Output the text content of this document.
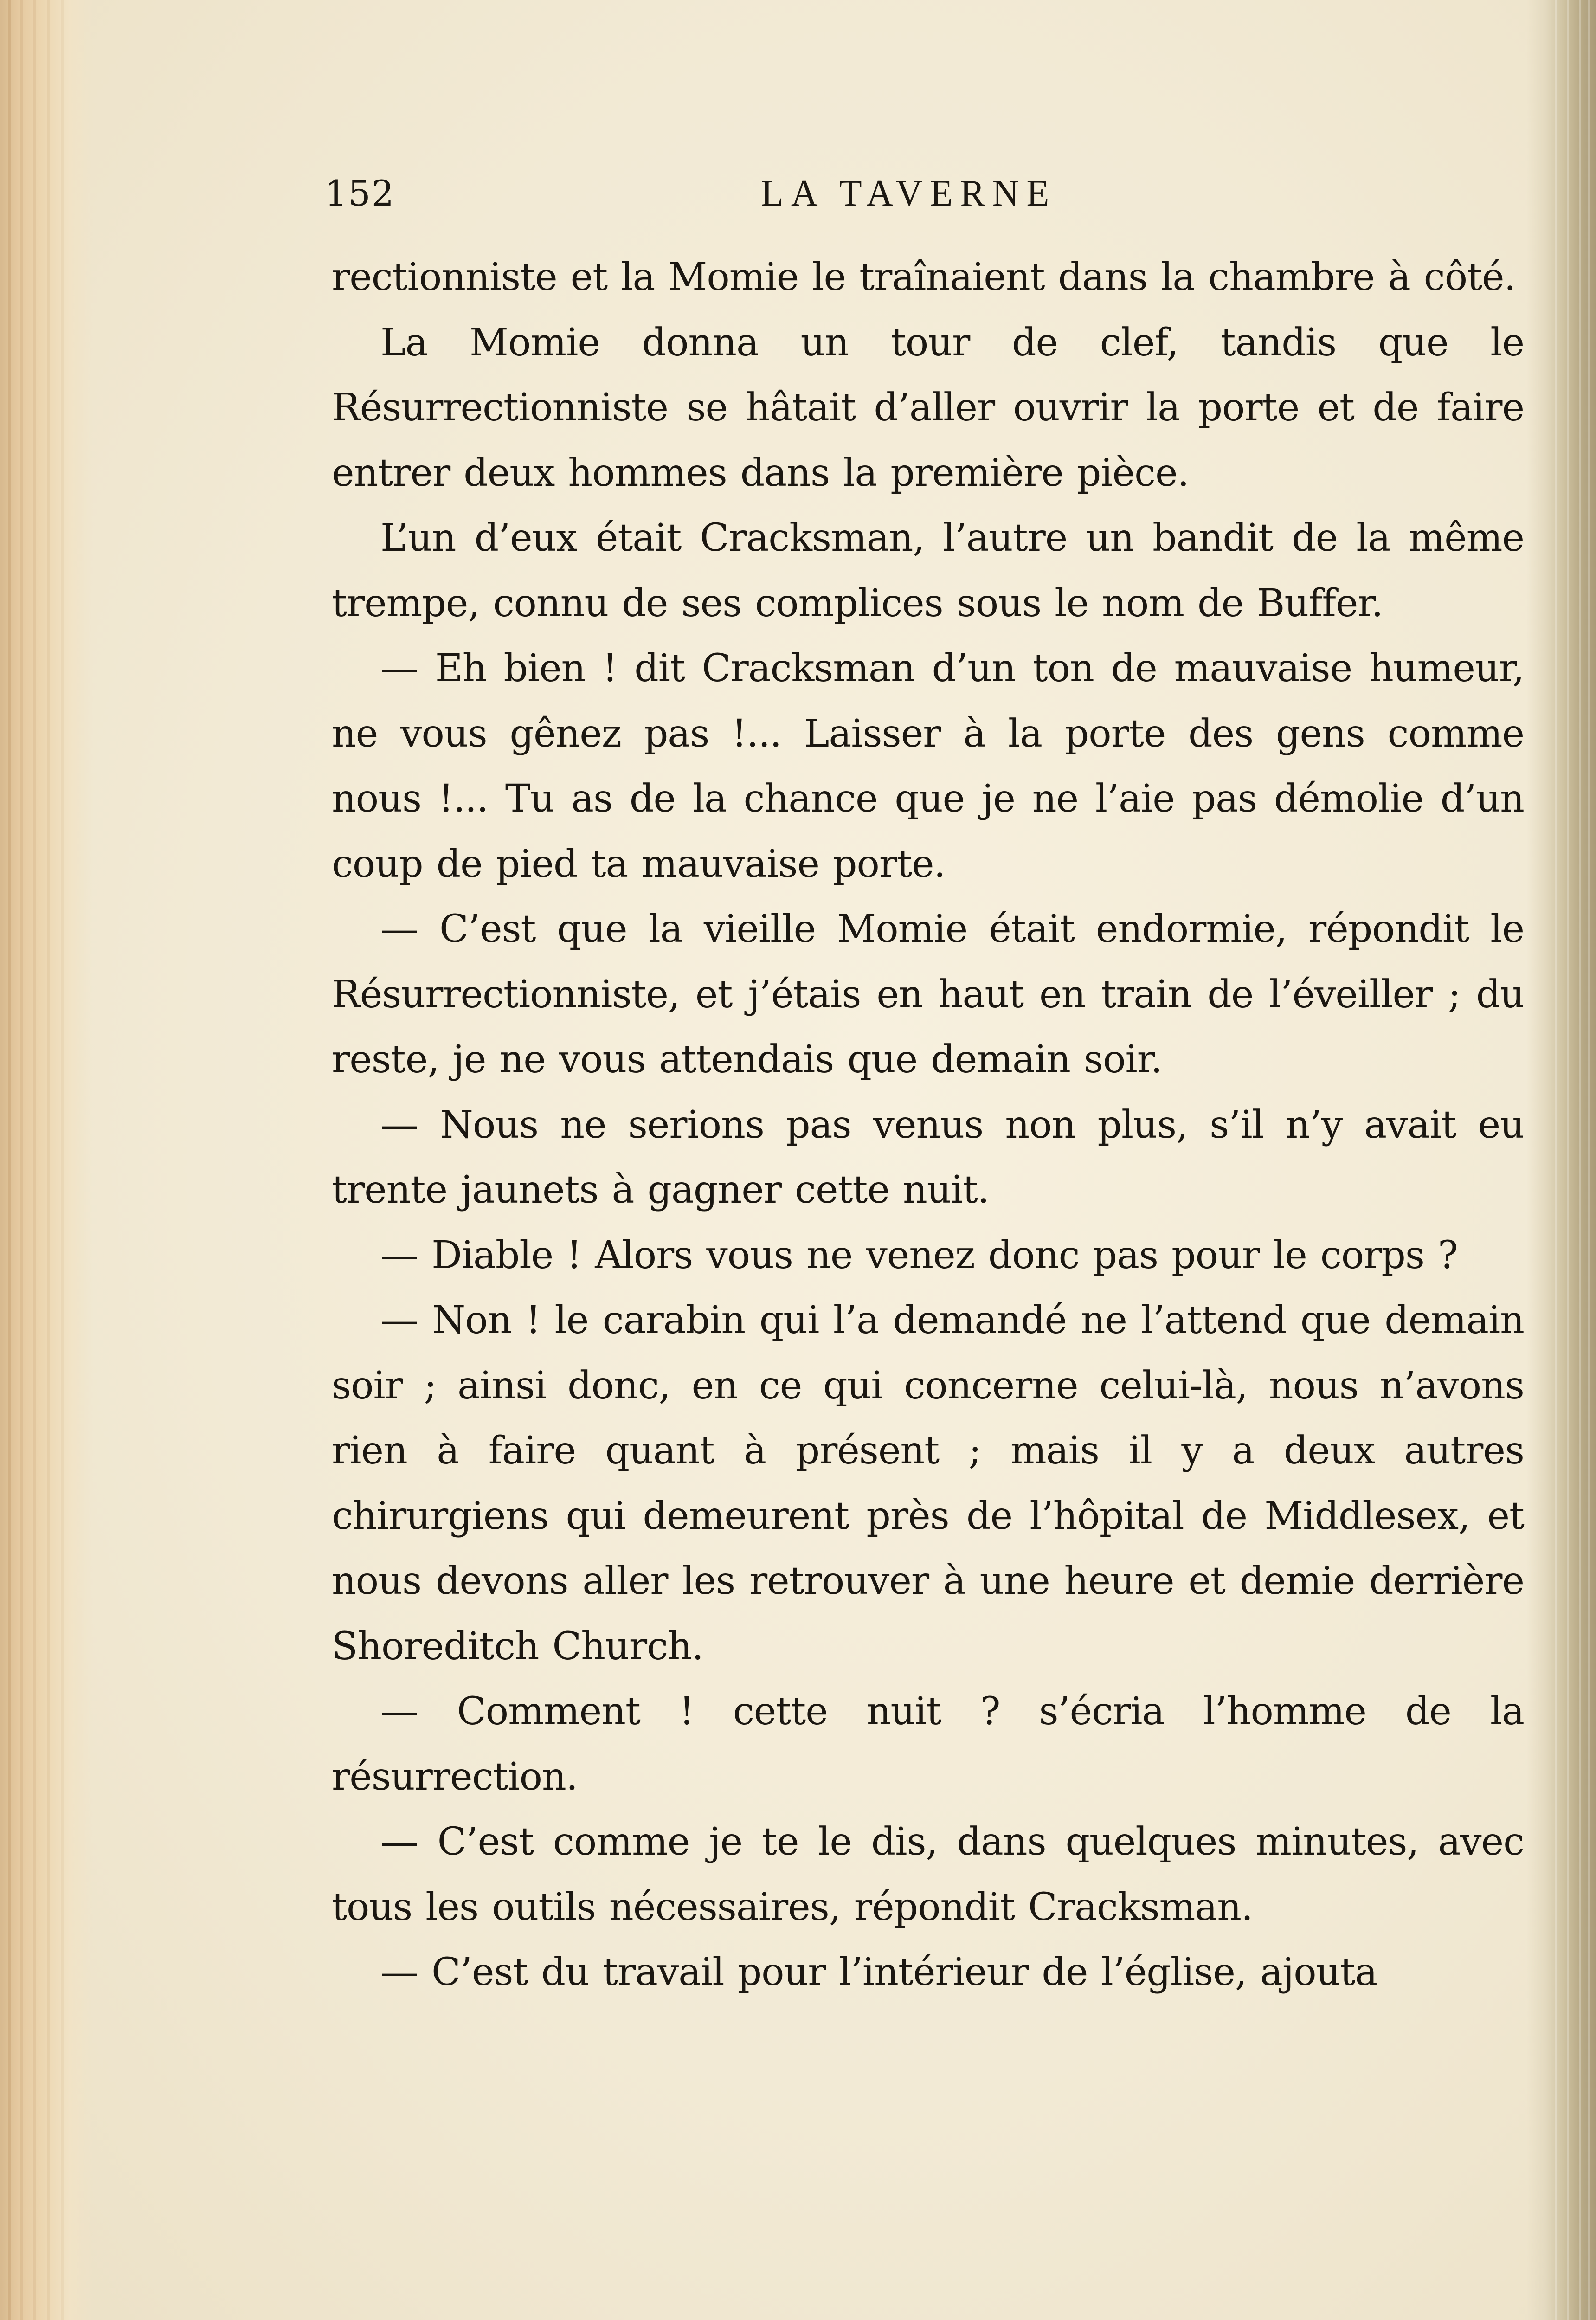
152	LA TAVERNE

rectionniste et la Momie le traînaient dans la chambre à côté.

La Momie donna un tour de clef, tandis que le Résurrectionniste se hâtait d’aller ouvrir la porte et de faire entrer deux hommes dans la première pièce.

L’un d’eux était Cracksman, l’autre un bandit de la même trempe, connu de ses complices sous le nom de Buffer.

— Eh bien ! dit Cracksman d’un ton de mauvaise humeur, ne vous gênez pas !... Laisser à la porte des gens comme nous !... Tu as de la chance que je ne l’aie pas démolie d’un coup de pied ta mauvaise porte.

— C’est que la vieille Momie était endormie, répondit le Résurrectionniste, et j’étais en haut en train de l’éveiller ; du reste, je ne vous attendais que demain soir.

— Nous ne serions pas venus non plus, s’il n’y avait eu trente jaunets à gagner cette nuit.

— Diable ! Alors vous ne venez donc pas pour le corps ?

— Non ! le carabin qui l’a demandé ne l’attend que demain soir ; ainsi donc, en ce qui concerne celui-là, nous n’avons rien à faire quant à présent ; mais il y a deux autres chirurgiens qui demeurent près de l’hôpital de Middlesex, et nous devons aller les retrouver à une heure et demie derrière Shoreditch Church.

— Comment ! cette nuit ? s’écria l’homme de la résurrection.

— C’est comme je te le dis, dans quelques minutes, avec tous les outils nécessaires, répondit Cracksman.

— C’est du travail pour l’intérieur de l’église, ajouta
